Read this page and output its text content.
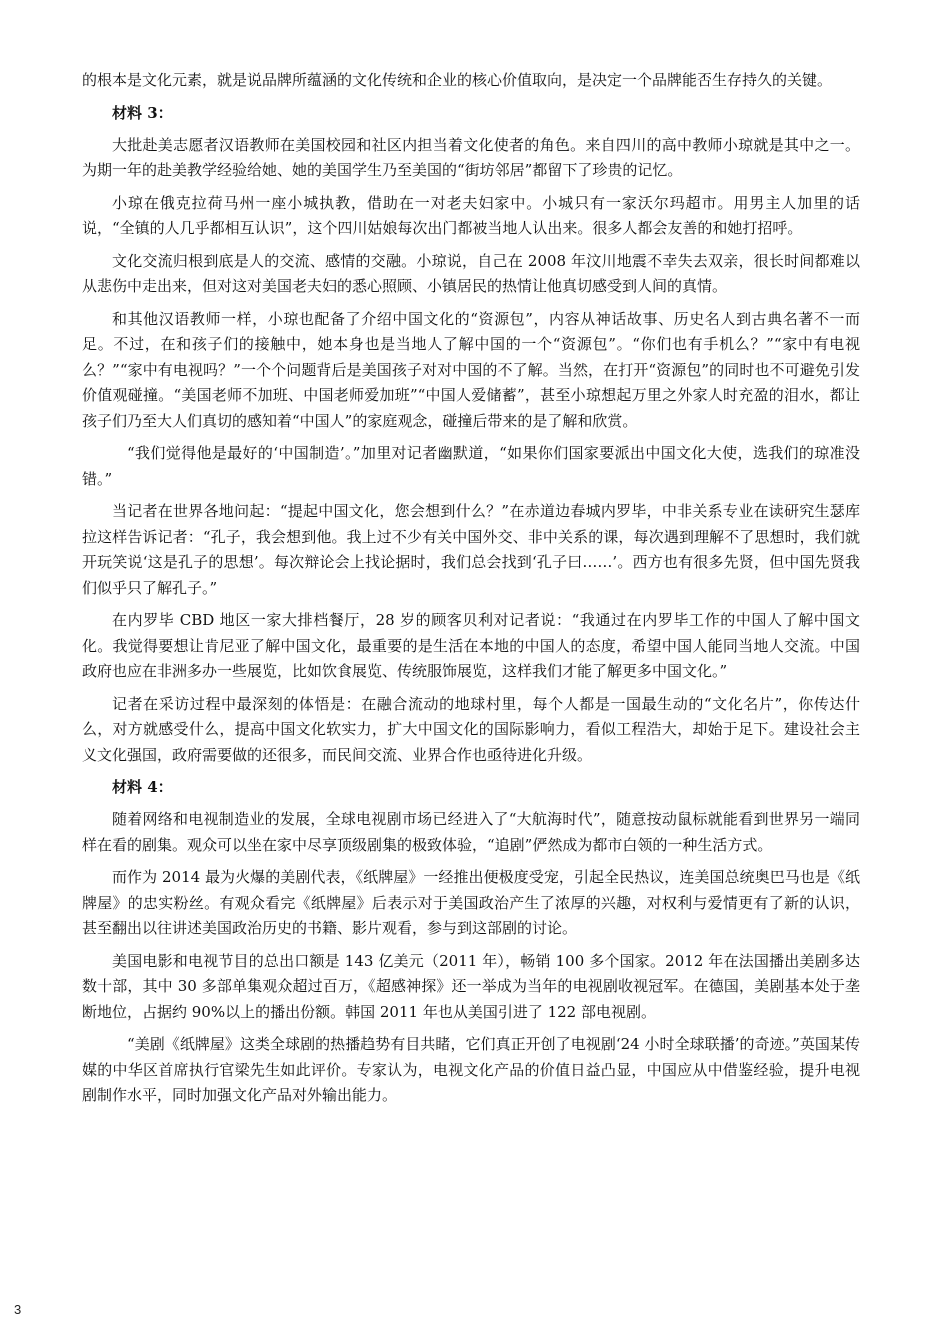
的根本是文化元素，就是说品牌所蕴涵的文化传统和企业的核心价值取向，是决定一个品牌能否生存持久的关键。

材料 3：

大批赴美志愿者汉语教师在美国校园和社区内担当着文化使者的角色。来自四川的高中教师小琼就是其中之一。为期一年的赴美教学经验给她、她的美国学生乃至美国的“街坊邻居”都留下了珍贵的记忆。

小琼在俄克拉荷马州一座小城执教，借助在一对老夫妇家中。小城只有一家沃尔玛超市。用男主人加里的话说，“全镇的人几乎都相互认识”，这个四川姑娘每次出门都被当地人认出来。很多人都会友善的和她打招呼。

文化交流归根到底是人的交流、感情的交融。小琼说，自己在 2008 年汶川地震不幸失去双亲，很长时间都难以从悲伤中走出来，但对这对美国老夫妇的悉心照顾、小镇居民的热情让他真切感受到人间的真情。

和其他汉语教师一样，小琼也配备了介绍中国文化的“资源包”，内容从神话故事、历史名人到古典名著不一而足。不过，在和孩子们的接触中，她本身也是当地人了解中国的一个“资源包”。“你们也有手机么？”“家中有电视么？”“家中有电视吗？”一个个问题背后是美国孩子对对中国的不了解。当然，在打开“资源包”的同时也不可避免引发价值观碰撞。“美国老师不加班、中国老师爱加班”“中国人爱储蓄”，甚至小琼想起万里之外家人时充盈的泪水，都让孩子们乃至大人们真切的感知着“中国人”的家庭观念，碰撞后带来的是了解和欣赏。

“我们觉得他是最好的‘中国制造’。”加里对记者幽默道，“如果你们国家要派出中国文化大使，选我们的琼准没错。”

当记者在世界各地问起：“提起中国文化，您会想到什么？”在赤道边春城内罗毕，中非关系专业在读研究生瑟库拉这样告诉记者：“孔子，我会想到他。我上过不少有关中国外交、非中关系的课，每次遇到理解不了思想时，我们就开玩笑说‘这是孔子的思想’。每次辩论会上找论据时，我们总会找到‘孔子曰……’。西方也有很多先贤，但中国先贤我们似乎只了解孔子。”

在内罗毕 CBD 地区一家大排档餐厅，28 岁的顾客贝利对记者说：“我通过在内罗毕工作的中国人了解中国文化。我觉得要想让肯尼亚了解中国文化，最重要的是生活在本地的中国人的态度，希望中国人能同当地人交流。中国政府也应在非洲多办一些展览，比如饮食展览、传统服饰展览，这样我们才能了解更多中国文化。”

记者在采访过程中最深刻的体悟是：在融合流动的地球村里，每个人都是一国最生动的“文化名片”，你传达什么，对方就感受什么，提高中国文化软实力，扩大中国文化的国际影响力，看似工程浩大，却始于足下。建设社会主义文化强国，政府需要做的还很多，而民间交流、业界合作也亟待进化升级。

材料 4：

随着网络和电视制造业的发展，全球电视剧市场已经进入了“大航海时代”，随意按动鼠标就能看到世界另一端同样在看的剧集。观众可以坐在家中尽享顶级剧集的极致体验，“追剧”俨然成为都市白领的一种生活方式。

而作为 2014 最为火爆的美剧代表，《纸牌屋》一经推出便极度受宠，引起全民热议，连美国总统奥巴马也是《纸牌屋》的忠实粉丝。有观众看完《纸牌屋》后表示对于美国政治产生了浓厚的兴趣，对权利与爱情更有了新的认识，甚至翻出以往讲述美国政治历史的书籍、影片观看，参与到这部剧的讨论。

美国电影和电视节目的总出口额是 143 亿美元（2011 年），畅销 100 多个国家。2012 年在法国播出美剧多达数十部，其中 30 多部单集观众超过百万，《超感神探》还一举成为当年的电视剧收视冠军。在德国，美剧基本处于垄断地位，占据约 90%以上的播出份额。韩国 2011 年也从美国引进了 122 部电视剧。

“美剧《纸牌屋》这类全球剧的热播趋势有目共睹，它们真正开创了电视剧‘24 小时全球联播’的奇迹。”英国某传媒的中华区首席执行官梁先生如此评价。专家认为，电视文化产品的价值日益凸显，中国应从中借鉴经验，提升电视剧制作水平，同时加强文化产品对外输出能力。

3
